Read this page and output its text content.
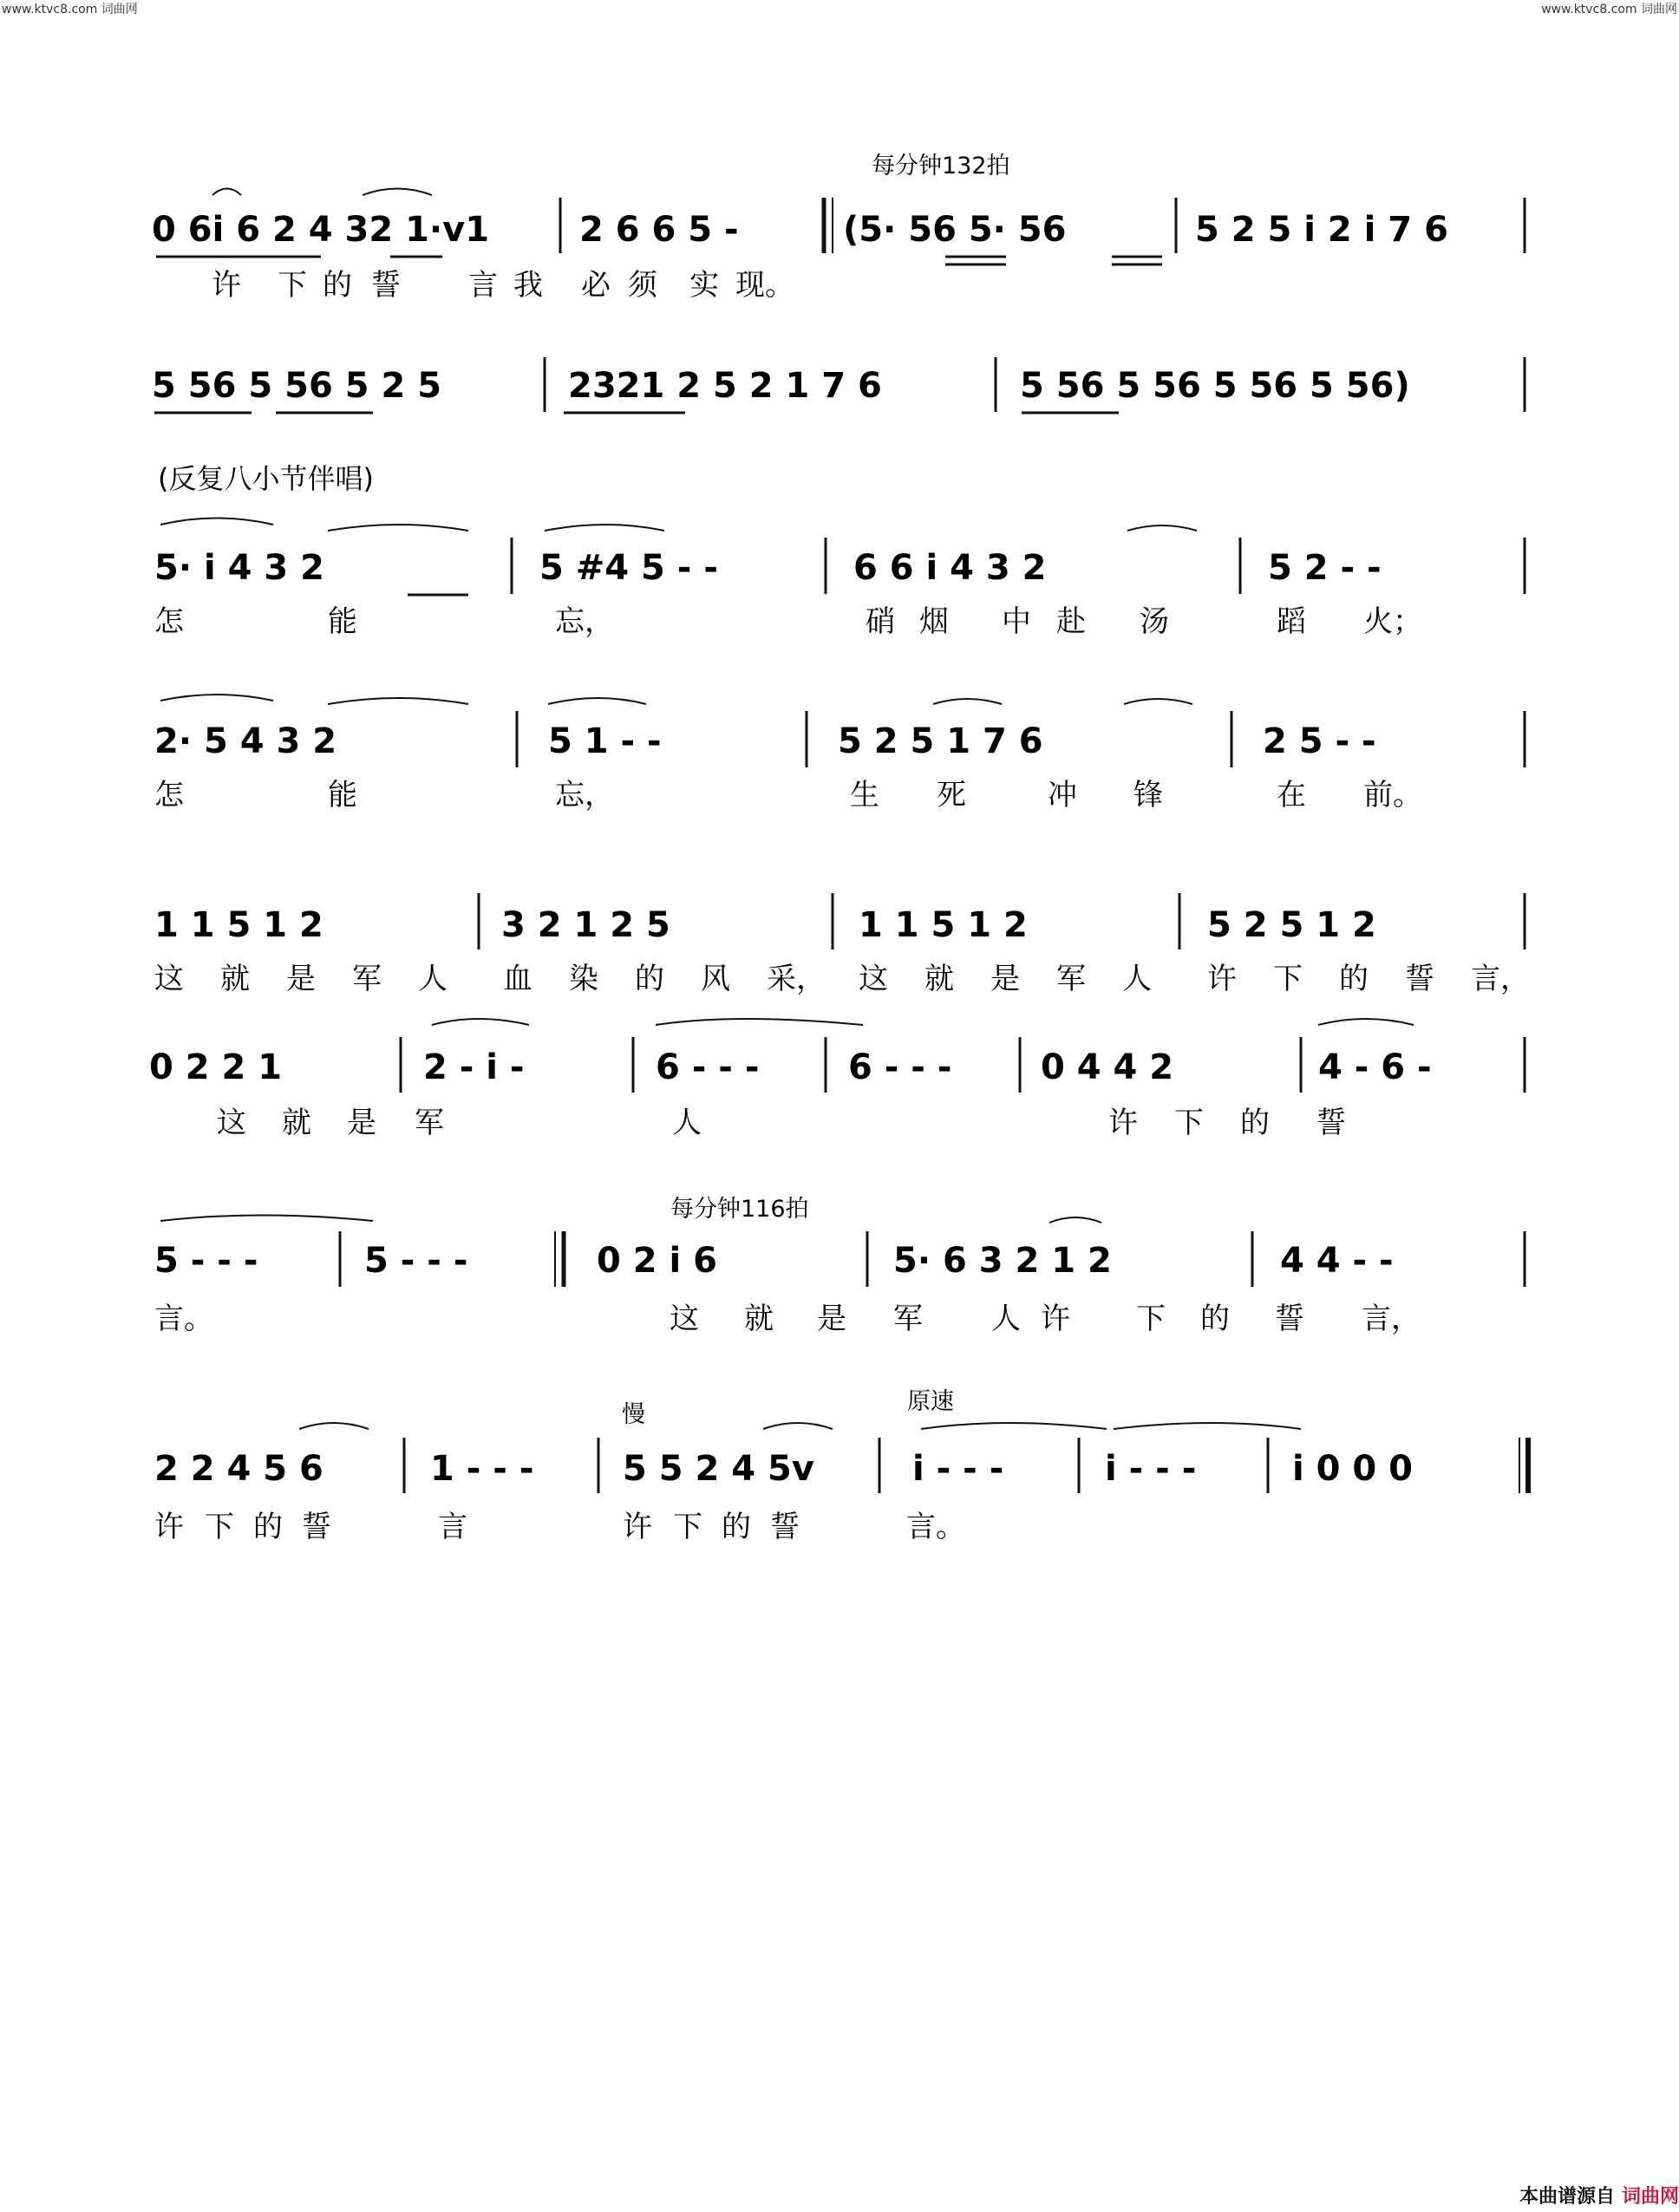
www.ktvc8.com 词曲网	www.ktvc8.com 词曲网
每分钟132拍
每分钟116拍
慢	原速
(反复八小节伴唱)
0 6i 6 2 4 32 1·v1	2 6 6 5 -	(5· 56 5· 56	5 2 5 i 2 i 7 6
5 56 5 56 5 2 5	2321 2 5 2 1 7 6	5 56 5 56 5 56 5 56)
5· i 4 3 2	5 #4 5 - -	6 6 i 4 3 2	5 2 - -
2· 5 4 3 2	5 1 - -	5 2 5 1 7 6	2 5 - -
1 1 5 1 2	3 2 1 2 5	1 1 5 1 2	5 2 5 1 2
0 2 2 1	2 - i -	6 - - -	6 - - -	0 4 4 2	4 - 6 -
5 - - -	5 - - -	0 2 i 6	5· 6 3 2 1 2	4 4 - -
2 2 4 5 6	1 - - -	5 5 2 4 5v	i - - -	i - - -	i 0 0 0
许 下 的 誓 言 我 必 须 实 现。
怎	能	忘，	硝 烟 中 赴 汤	蹈 火；
怎	能	忘，	生 死	冲 锋	在 前。
这 就 是 军 人 血 染 的 风 采， 这 就 是 军 人 许 下 的 誓 言，
这 就 是 军	人	许 下 的 誓
言。	这 就 是 军 人 许 下 的 誓 言，
许 下 的 誓	言	许 下 的 誓	言。
本曲谱源自 词曲网
